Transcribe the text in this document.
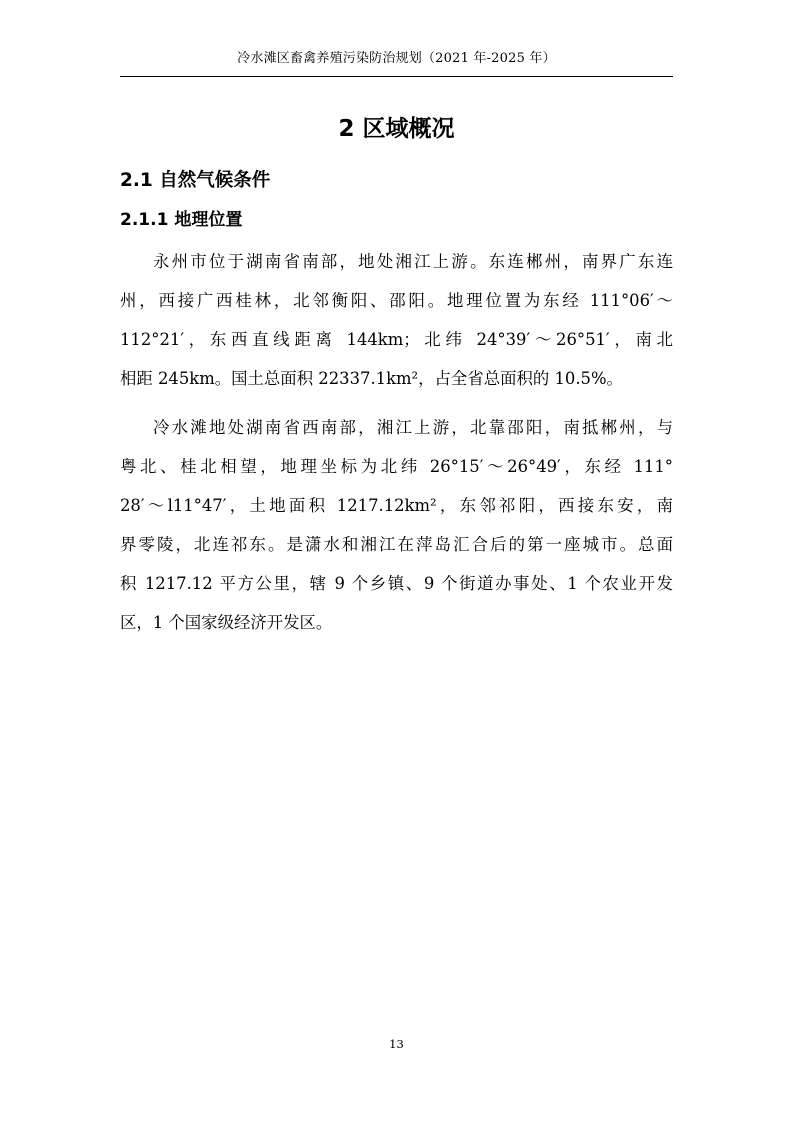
冷水滩区畜禽养殖污染防治规划（2021 年-2025 年）
2 区域概况
2.1 自然气候条件
2.1.1 地理位置
永州市位于湖南省南部，地处湘江上游。东连郴州，南界广东连
州，西接广西桂林，北邻衡阳、邵阳。地理位置为东经 111°06′～
112°21′，东西直线距离 144km；北纬 24°39′～26°51′，南北
相距 245km。国土总面积 22337.1km²，占全省总面积的 10.5%。
冷水滩地处湖南省西南部，湘江上游，北靠邵阳，南抵郴州，与
粤北、桂北相望，地理坐标为北纬 26°15′～26°49′，东经 111°
28′～l11°47′，土地面积 1217.12km²，东邻祁阳，西接东安，南
界零陵，北连祁东。是潇水和湘江在萍岛汇合后的第一座城市。总面
积 1217.12 平方公里，辖 9 个乡镇、9 个街道办事处、1 个农业开发
区，1 个国家级经济开发区。
13
